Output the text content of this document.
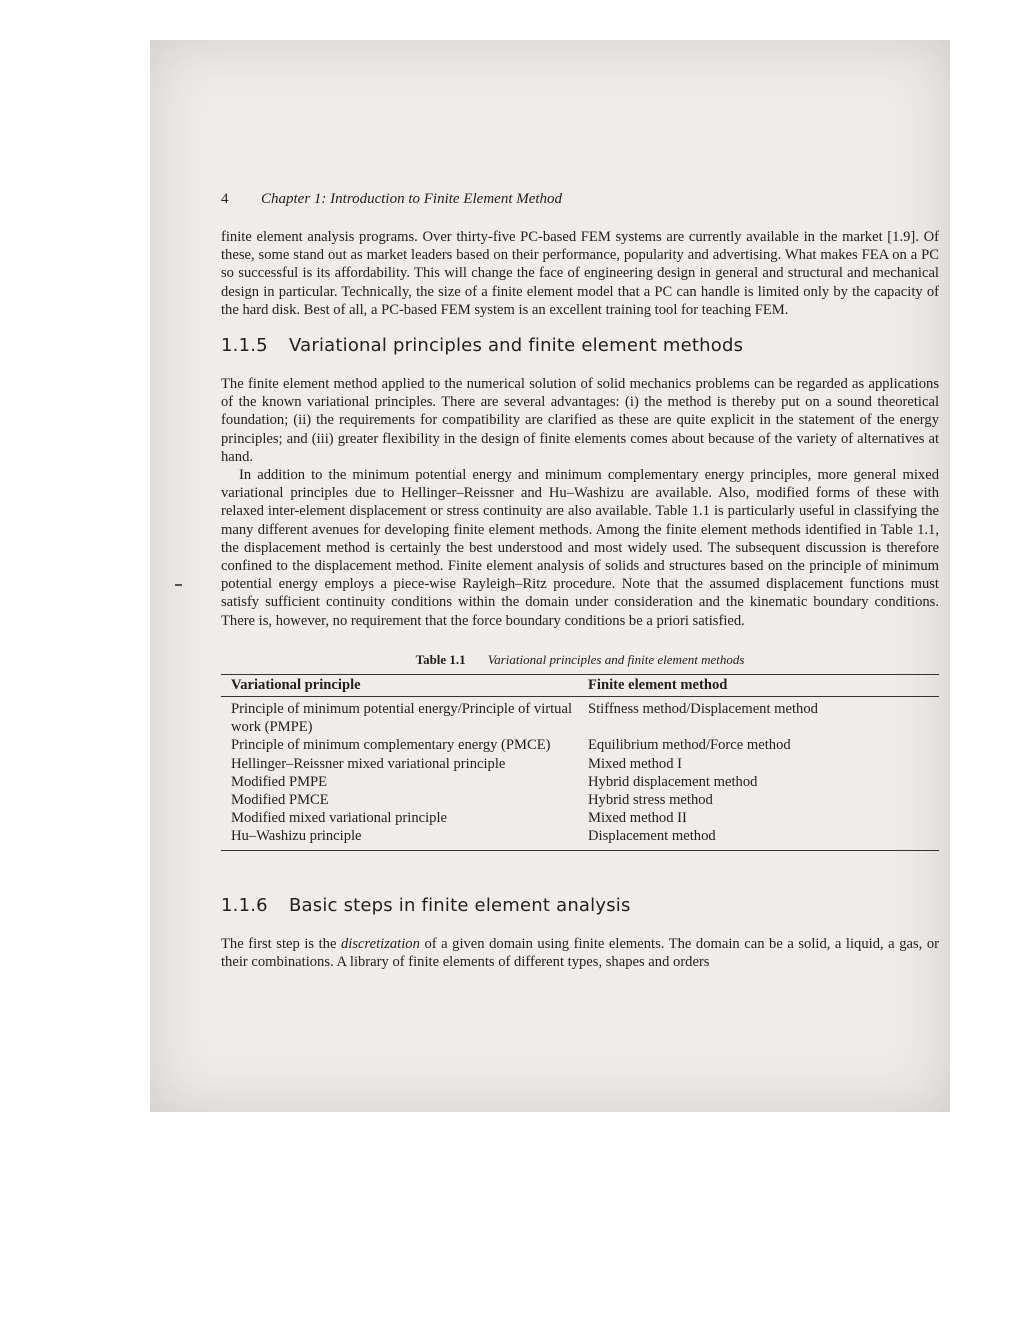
4 Chapter 1: Introduction to Finite Element Method

finite element analysis programs. Over thirty-five PC-based FEM systems are currently available in the market [1.9]. Of these, some stand out as market leaders based on their performance, popularity and advertising. What makes FEA on a PC so successful is its affordability. This will change the face of engineering design in general and structural and mechanical design in particular. Technically, the size of a finite element model that a PC can handle is limited only by the capacity of the hard disk. Best of all, a PC-based FEM system is an excellent training tool for teaching FEM.

1.1.5 Variational principles and finite element methods

The finite element method applied to the numerical solution of solid mechanics problems can be regarded as applications of the known variational principles. There are several advantages: (i) the method is thereby put on a sound theoretical foundation; (ii) the requirements for compatibility are clarified as these are quite explicit in the statement of the energy principles; and (iii) greater flexibility in the design of finite elements comes about because of the variety of alternatives at hand.

In addition to the minimum potential energy and minimum complementary energy principles, more general mixed variational principles due to Hellinger–Reissner and Hu–Washizu are available. Also, modified forms of these with relaxed inter-element displacement or stress continuity are also available. Table 1.1 is particularly useful in classifying the many different avenues for developing finite element methods. Among the finite element methods identified in Table 1.1, the displacement method is certainly the best understood and most widely used. The subsequent discussion is therefore confined to the displacement method. Finite element analysis of solids and structures based on the principle of minimum potential energy employs a piece-wise Rayleigh–Ritz procedure. Note that the assumed displacement functions must satisfy sufficient continuity conditions within the domain under consideration and the kinematic boundary conditions. There is, however, no requirement that the force boundary conditions be a priori satisfied.

Table 1.1 Variational principles and finite element methods
Variational principle	Finite element method
Principle of minimum potential energy/Principle of virtual work (PMPE)	Stiffness method/Displacement method
Principle of minimum complementary energy (PMCE)	Equilibrium method/Force method
Hellinger–Reissner mixed variational principle	Mixed method I
Modified PMPE	Hybrid displacement method
Modified PMCE	Hybrid stress method
Modified mixed variational principle	Mixed method II
Hu–Washizu principle	Displacement method
1.1.6 Basic steps in finite element analysis

The first step is the discretization of a given domain using finite elements. The domain can be a solid, a liquid, a gas, or their combinations. A library of finite elements of different types, shapes and orders
